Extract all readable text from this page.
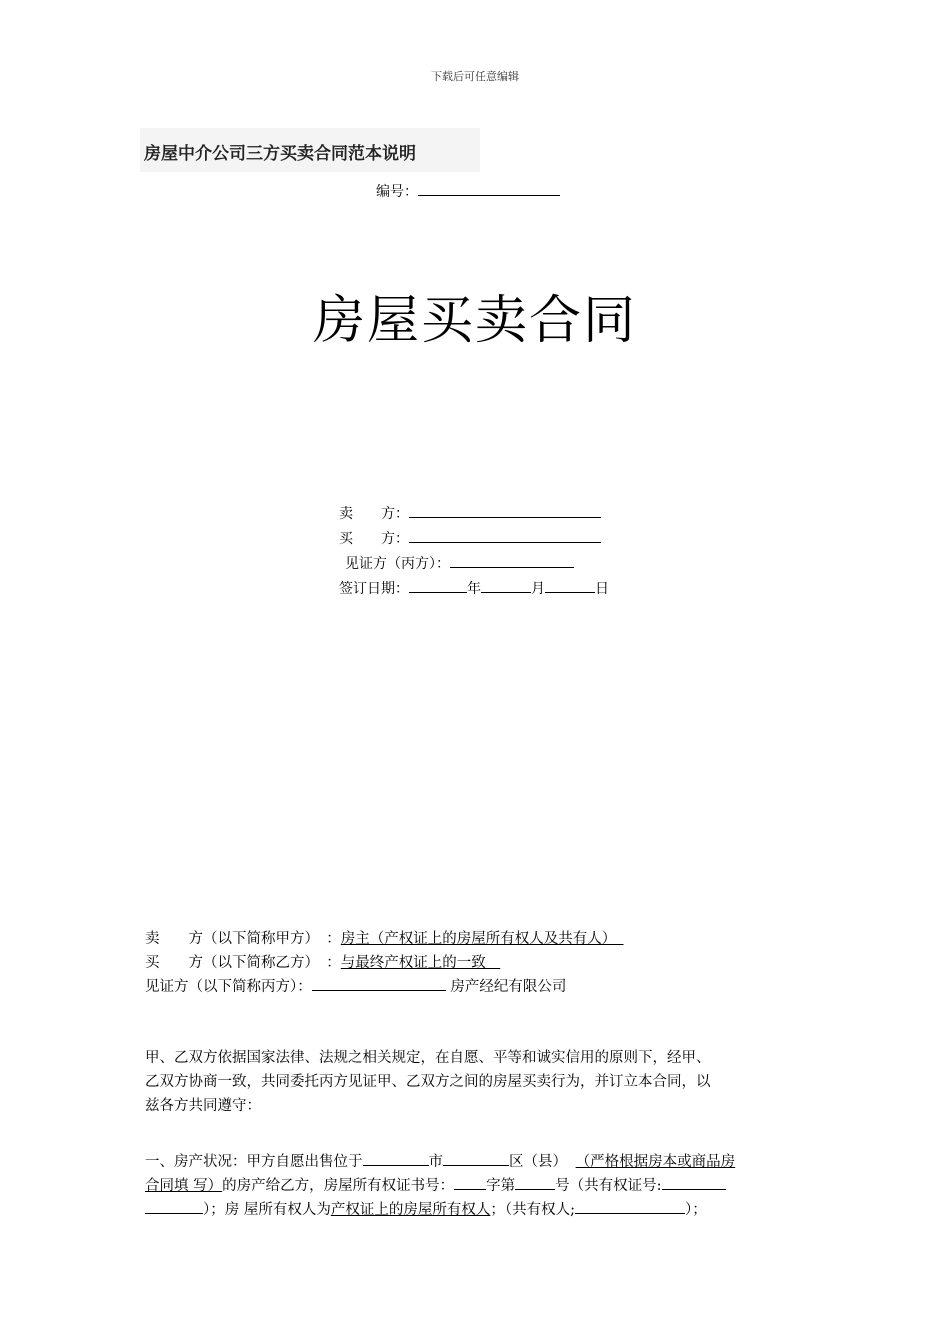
下载后可任意编辑
房屋中介公司三方买卖合同范本说明
编号：
房屋买卖合同
卖　　方：
买　　方：
见证方（丙方）：
签订日期：	年	月	日
卖　　方（以下简称甲方）　：房主（产权证上的房屋所有权人及共有人）　
买　　方（以下简称乙方）　：与最终产权证上的一致　
见证方（以下简称丙方）：	房产经纪有限公司
甲、乙双方依据国家法律、法规之相关规定，在自愿、平等和诚实信用的原则下，经甲、
乙双方协商一致，共同委托丙方见证甲、乙双方之间的房屋买卖行为，并订立本合同，以
兹各方共同遵守：
一、房产状况：甲方自愿出售位于	市	区（县） （严格根据房本或商品房
合同填 写）的房产给乙方，房屋所有权证书号： 字第	号（共有权证号:
）；房 屋所有权人为产权证上的房屋所有权人；（共有权人;	）；
